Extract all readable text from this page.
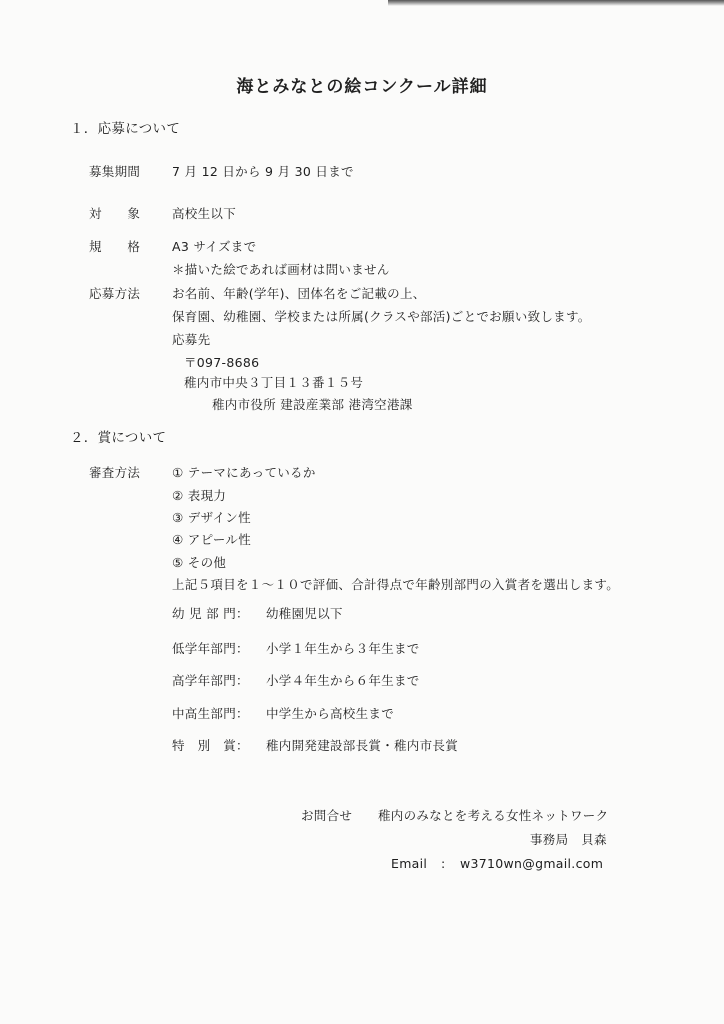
海とみなとの絵コンクール詳細
１．応募について
募集期間	7 月 12 日から 9 月 30 日まで
対　　象	高校生以下
規　　格	A3 サイズまで
＊描いた絵であれば画材は問いません
応募方法	お名前、年齢(学年)、団体名をご記載の上、
保育園、幼稚園、学校または所属(クラスや部活)ごとでお願い致します。
応募先
〒097-8686
稚内市中央３丁目１３番１５号
稚内市役所 建設産業部 港湾空港課
２．賞について
審査方法	① テーマにあっているか
② 表現力
③ デザイン性
④ アピール性
⑤ その他
上記５項目を１～１０で評価、合計得点で年齢別部門の入賞者を選出します。
幼 児 部 門： 幼稚園児以下
低学年部門： 小学１年生から３年生まで
高学年部門： 小学４年生から６年生まで
中高生部門： 中学生から高校生まで
特　別　賞： 稚内開発建設部長賞・稚内市長賞
お問合せ 稚内のみなとを考える女性ネットワーク
事務局　貝森
Email : w3710wn@gmail.com
